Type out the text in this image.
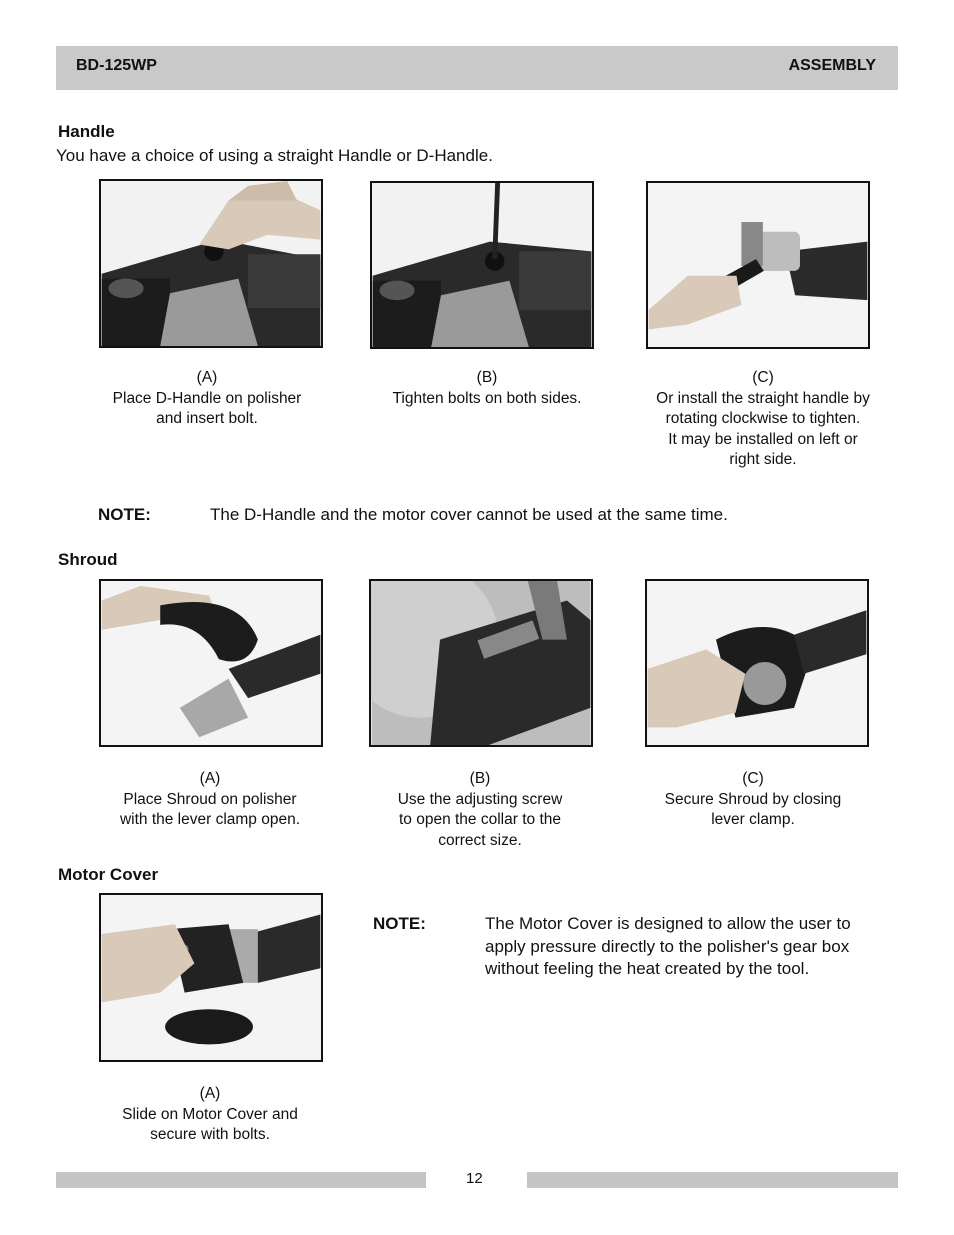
BD-125WP	ASSEMBLY
Handle
You have a choice of using a straight Handle or D-Handle.
(A)
Place D-Handle on polisher
and insert bolt.
(B)
Tighten bolts on both sides.
(C)
Or install the straight handle by
rotating clockwise to tighten.
It may be installed on left or
right side.
NOTE:	The D-Handle and the motor cover cannot be used at the same time.
Shroud
(A)
Place Shroud on polisher
with the lever clamp open.
(B)
Use the adjusting screw
to open the collar to the
correct size.
(C)
Secure Shroud by closing
lever clamp.
Motor Cover
(A)
Slide on Motor Cover and
secure with bolts.
NOTE:	The Motor Cover is designed to allow the user to
apply pressure directly to the polisher's gear box
without feeling the heat created by the tool.
12
